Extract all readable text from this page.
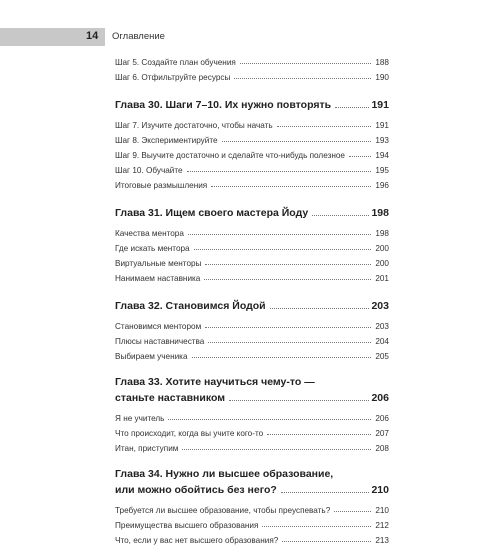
14 Оглавление
Шаг 5. Создайте план обучения	188
Шаг 6. Отфильтруйте ресурсы	190
Глава 30. Шаги 7–10. Их нужно повторять	191
Шаг 7. Изучите достаточно, чтобы начать	191
Шаг 8. Экспериментируйте	193
Шаг 9. Выучите достаточно и сделайте что-нибудь полезное	194
Шаг 10. Обучайте	195
Итоговые размышления	196
Глава 31. Ищем своего мастера Йоду	198
Качества ментора	198
Где искать ментора	200
Виртуальные менторы	200
Нанимаем наставника	201
Глава 32. Становимся Йодой	203
Становимся ментором	203
Плюсы наставничества	204
Выбираем ученика	205
Глава 33. Хотите научиться чему-то —
станьте наставником	206
Я не учитель	206
Что происходит, когда вы учите кого-то	207
Итан, приступим	208
Глава 34. Нужно ли высшее образование,
или можно обойтись без него?	210
Требуется ли высшее образование, чтобы преуспевать?	210
Преимущества высшего образования	212
Что, если у вас нет высшего образования?	213
